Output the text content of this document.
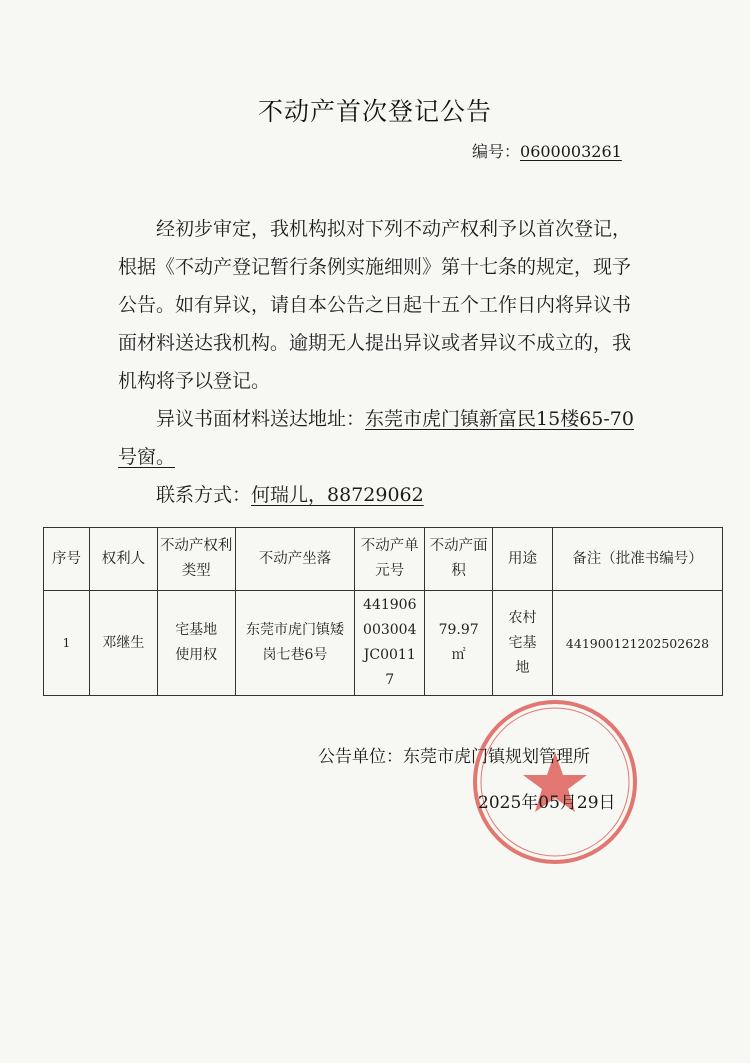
不动产首次登记公告
编号：0600003261

经初步审定，我机构拟对下列不动产权利予以首次登记，根据《不动产登记暂行条例实施细则》第十七条的规定，现予公告。如有异议，请自本公告之日起十五个工作日内将异议书面材料送达我机构。逾期无人提出异议或者异议不成立的，我机构将予以登记。

异议书面材料送达地址：东莞市虎门镇新富民15楼65-70号窗。

联系方式：何瑞儿，88729062

序号	权利人	不动产权利类型	不动产坐落	不动产单元号	不动产面积	用途	备注（批准书编号）
1	邓继生	宅基地使用权	东莞市虎门镇矮岗七巷6号	441906003004JC00117	79.97㎡	农村宅基地	441900121202502628
公告单位：东莞市虎门镇规划管理所
2025年05月29日
